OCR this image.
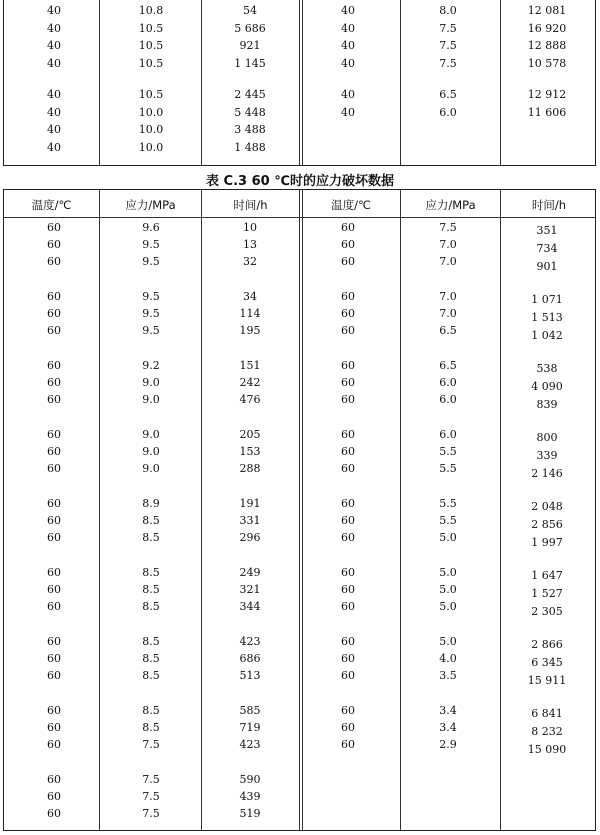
40	10.8	54	40	8.0	12 081
40	10.5	5 686	40	7.5	16 920
40	10.5	921	40	7.5	12 888
40	10.5	1 145	40	7.5	10 578
40	10.5	2 445	40	6.5	12 912
40	10.0	5 448	40	6.0	11 606
40	10.0	3 488
40	10.0	1 488
表 C.3 60 ℃时的应力破坏数据
温度/℃	应力/MPa	时间/h	温度/℃	应力/MPa	时间/h
60	9.6	10	60	7.5	351
60	9.5	13	60	7.0	734
60	9.5	32	60	7.0	901
60	9.5	34	60	7.0	1 071
60	9.5	114	60	7.0	1 513
60	9.5	195	60	6.5	1 042
60	9.2	151	60	6.5	538
60	9.0	242	60	6.0	4 090
60	9.0	476	60	6.0	839
60	9.0	205	60	6.0	800
60	9.0	153	60	5.5	339
60	9.0	288	60	5.5	2 146
60	8.9	191	60	5.5	2 048
60	8.5	331	60	5.5	2 856
60	8.5	296	60	5.0	1 997
60	8.5	249	60	5.0	1 647
60	8.5	321	60	5.0	1 527
60	8.5	344	60	5.0	2 305
60	8.5	423	60	5.0	2 866
60	8.5	686	60	4.0	6 345
60	8.5	513	60	3.5	15 911
60	8.5	585	60	3.4	6 841
60	8.5	719	60	3.4	8 232
60	7.5	423	60	2.9	15 090
60	7.5	590
60	7.5	439
60	7.5	519
